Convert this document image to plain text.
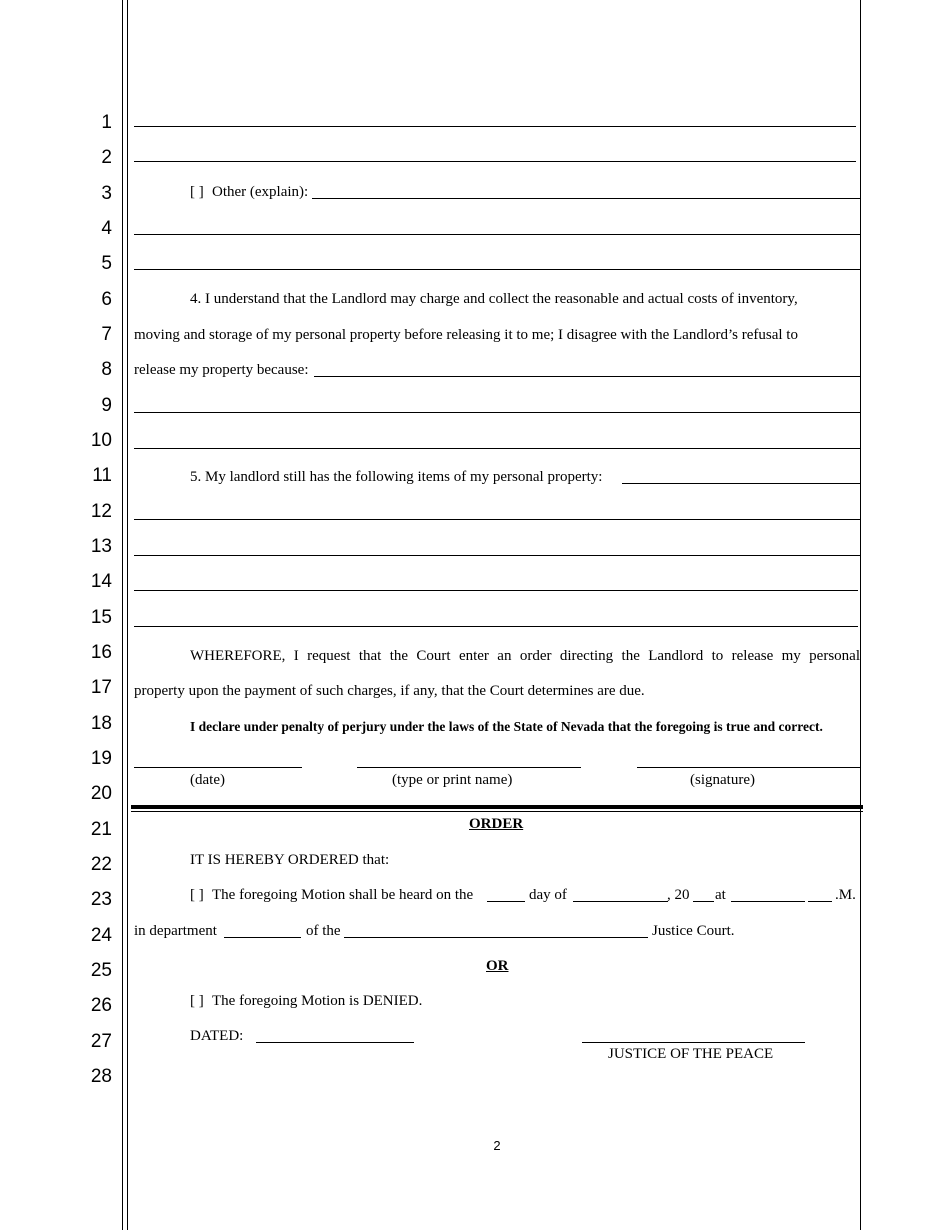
1
2
3
4
5
6
7
8
9
10
11
12
13
14
15
16
17
18
19
20
21
22
23
24
25
26
27
28
[ ] Other (explain):
4. I understand that the Landlord may charge and collect the reasonable and actual costs of inventory,
moving and storage of my personal property before releasing it to me; I disagree with the Landlord’s refusal to
release my property because:
5. My landlord still has the following items of my personal property:
WHEREFORE, I request that the Court enter an order directing the Landlord to release my personal
property upon the payment of such charges, if any, that the Court determines are due.
I declare under penalty of perjury under the laws of the State of Nevada that the foregoing is true and correct.
(date)	(type or print name)	(signature)
ORDER
IT IS HEREBY ORDERED that:
[ ] The foregoing Motion shall be heard on the	day of	, 20 at	.M.
in department	of the	Justice Court.
OR
[ ] The foregoing Motion is DENIED.
DATED:
JUSTICE OF THE PEACE
2
